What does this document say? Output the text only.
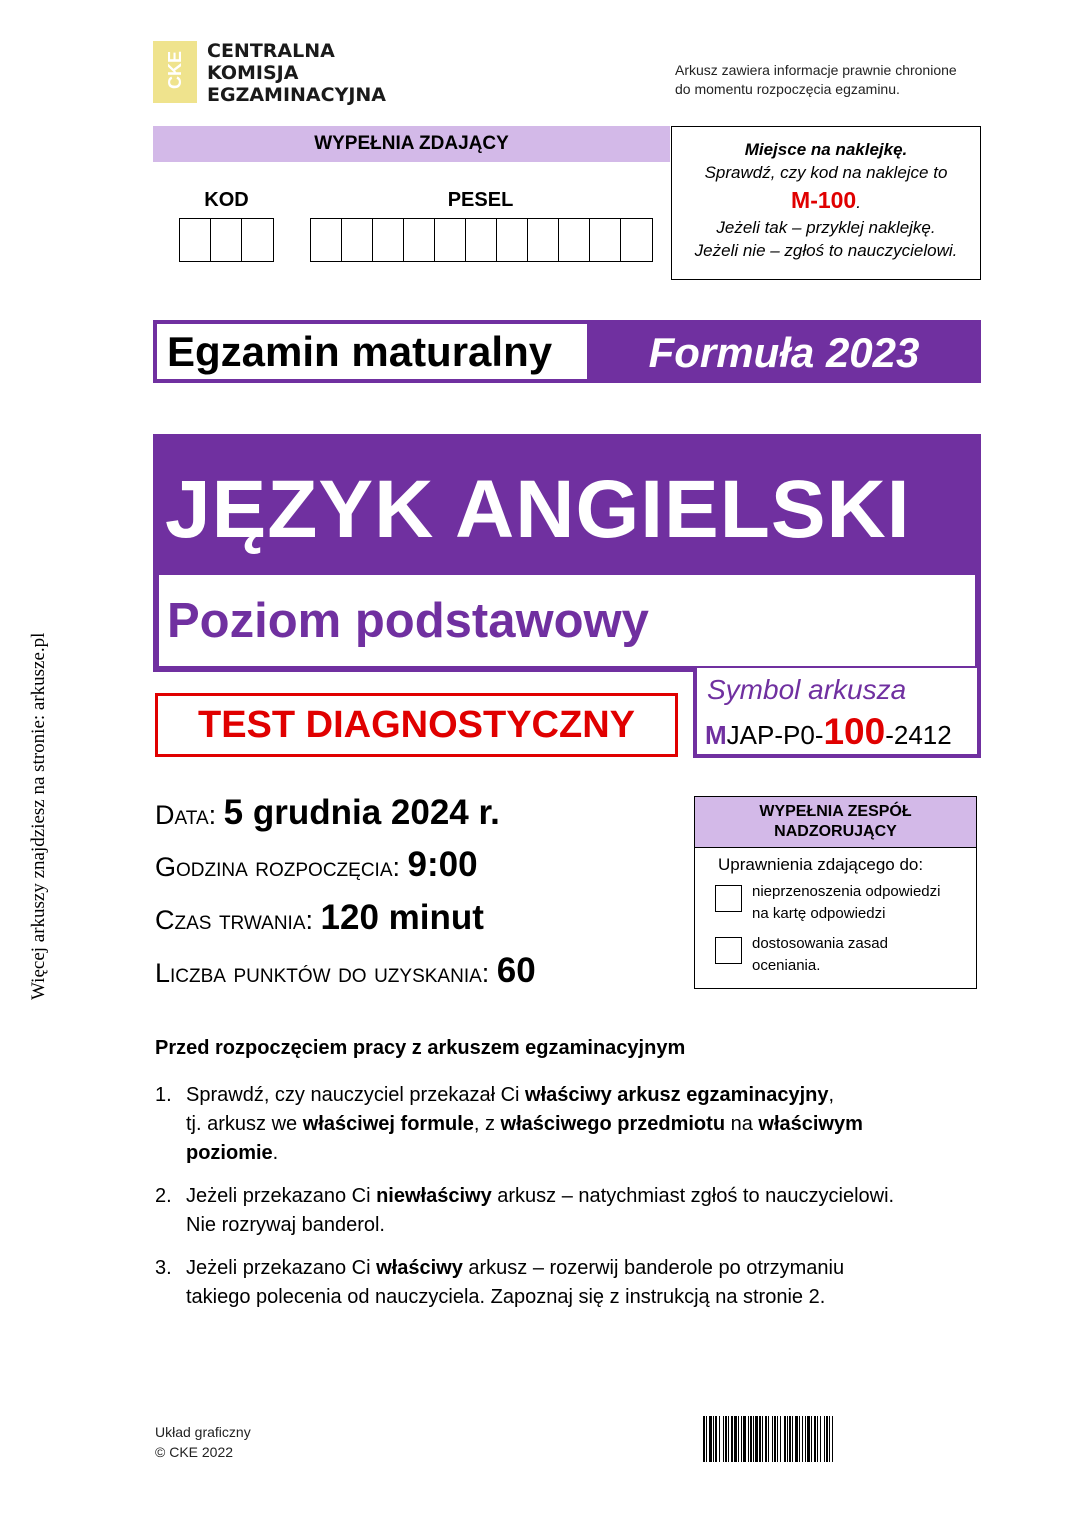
Więcej arkuszy znajdziesz na stronie: arkusze.pl
CKE	CENTRALNA
KOMISJA
EGZAMINACYJNA
Arkusz zawiera informacje prawnie chronione
do momentu rozpoczęcia egzaminu.
WYPEŁNIA ZDAJĄCY
KOD	PESEL
Miejsce na naklejkę.
Sprawdź, czy kod na naklejce to
M-100.
Jeżeli tak – przyklej naklejkę.
Jeżeli nie – zgłoś to nauczycielowi.
Egzamin maturalny	Formuła 2023
JĘZYK ANGIELSKI
Poziom podstawowy
TEST DIAGNOSTYCZNY
Symbol arkusza
MJAP-P0-100-2412
Data: 5 grudnia 2024 r.
Godzina rozpoczęcia: 9:00
Czas trwania: 120 minut
Liczba punktów do uzyskania: 60
WYPEŁNIA ZESPÓŁ
NADZORUJĄCY
Uprawnienia zdającego do:
nieprzenoszenia odpowiedzi
na kartę odpowiedzi
dostosowania zasad
oceniania.
Przed rozpoczęciem pracy z arkuszem egzaminacyjnym
1. Sprawdź, czy nauczyciel przekazał Ci właściwy arkusz egzaminacyjny,
tj. arkusz we właściwej formule, z właściwego przedmiotu na właściwym
poziomie.
2. Jeżeli przekazano Ci niewłaściwy arkusz – natychmiast zgłoś to nauczycielowi.
Nie rozrywaj banderol.
3. Jeżeli przekazano Ci właściwy arkusz – rozerwij banderole po otrzymaniu
takiego polecenia od nauczyciela. Zapoznaj się z instrukcją na stronie 2.
Układ graficzny
© CKE 2022
